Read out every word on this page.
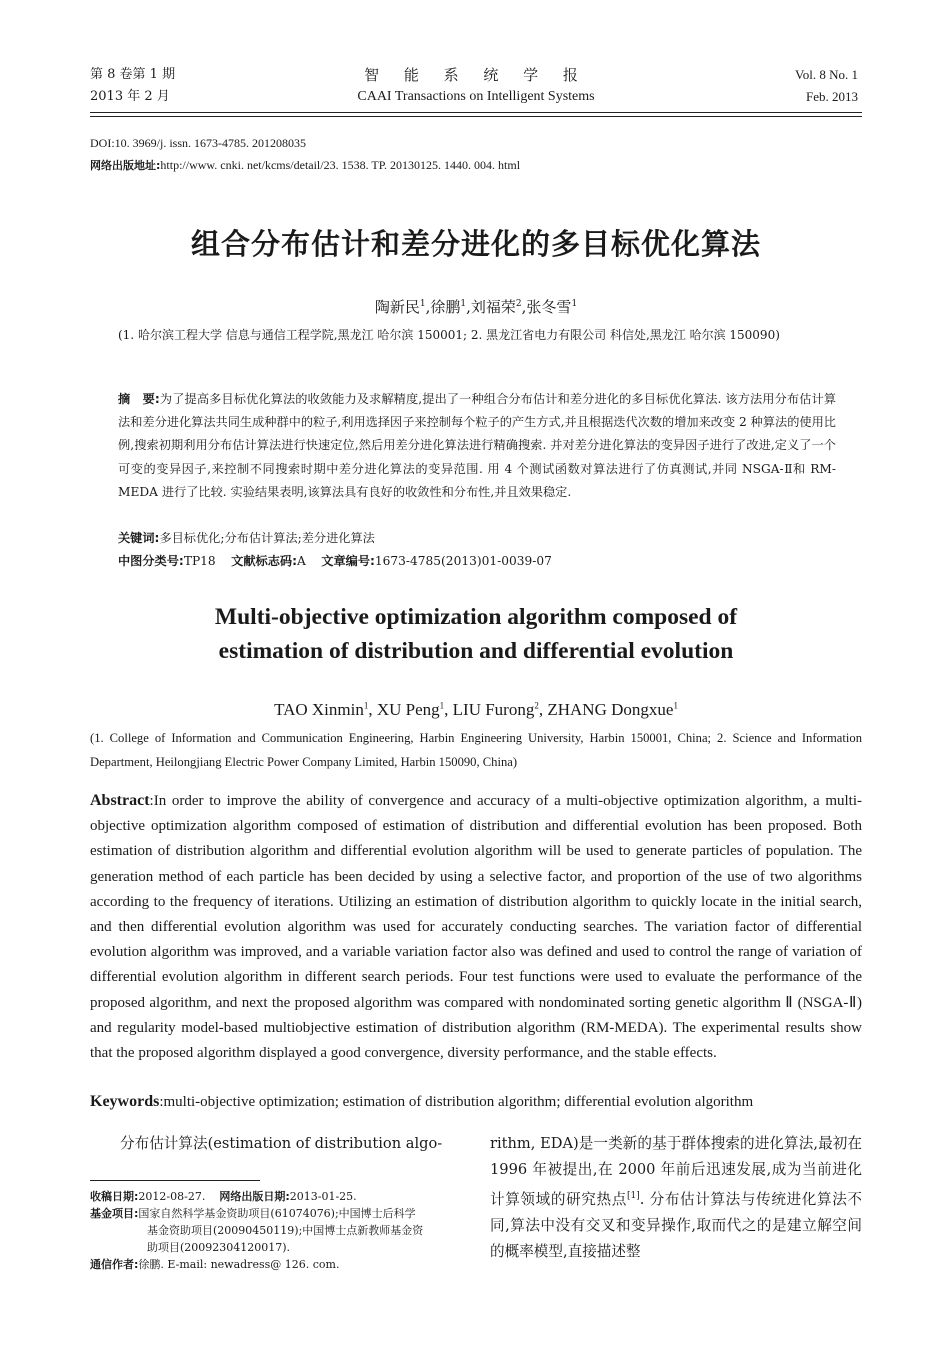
第 8 卷第 1 期
2013 年 2 月
智 能 系 统 学 报
CAAI Transactions on Intelligent Systems
Vol. 8 No. 1
Feb. 2013
DOI:10. 3969/j. issn. 1673-4785. 201208035
网络出版地址:http://www. cnki. net/kcms/detail/23. 1538. TP. 20130125. 1440. 004. html
组合分布估计和差分进化的多目标优化算法
陶新民$^1$,徐鹏$^1$,刘福荣$^2$,张冬雪$^1$
(1. 哈尔滨工程大学 信息与通信工程学院,黑龙江 哈尔滨 150001; 2. 黑龙江省电力有限公司 科信处,黑龙江 哈尔滨 150090)
摘　要:为了提高多目标优化算法的收敛能力及求解精度,提出了一种组合分布估计和差分进化的多目标优化算法. 该方法用分布估计算法和差分进化算法共同生成种群中的粒子,利用选择因子来控制每个粒子的产生方式,并且根据迭代次数的增加来改变 2 种算法的使用比例,搜索初期利用分布估计算法进行快速定位,然后用差分进化算法进行精确搜索. 并对差分进化算法的变异因子进行了改进,定义了一个可变的变异因子,来控制不同搜索时期中差分进化算法的变异范围. 用 4 个测试函数对算法进行了仿真测试,并同 NSGA-Ⅱ和 RM-MEDA 进行了比较. 实验结果表明,该算法具有良好的收敛性和分布性,并且效果稳定.
关键词:多目标优化;分布估计算法;差分进化算法
中图分类号:TP18 文献标志码:A 文章编号:1673-4785(2013)01-0039-07
Multi-objective optimization algorithm composed of
estimation of distribution and differential evolution
TAO Xinmin$^1$, XU Peng$^1$, LIU Furong$^2$, ZHANG Dongxue$^1$
(1. College of Information and Communication Engineering, Harbin Engineering University, Harbin 150001, China; 2. Science and Information Department, Heilongjiang Electric Power Company Limited, Harbin 150090, China)
Abstract:In order to improve the ability of convergence and accuracy of a multi-objective optimization algorithm, a multi-objective optimization algorithm composed of estimation of distribution and differential evolution has been proposed. Both estimation of distribution algorithm and differential evolution algorithm will be used to generate particles of population. The generation method of each particle has been decided by using a selective factor, and proportion of the use of two algorithms according to the frequency of iterations. Utilizing an estimation of distribution algorithm to quickly locate in the initial search, and then differential evolution algorithm was used for accurately conducting searches. The variation factor of differential evolution algorithm was improved, and a variable variation factor also was defined and used to control the range of variation of differential evolution algorithm in different search periods. Four test functions were used to evaluate the performance of the proposed algorithm, and next the proposed algorithm was compared with nondominated sorting genetic algorithm Ⅱ (NSGA-Ⅱ) and regularity model-based multiobjective estimation of distribution algorithm (RM-MEDA). The experimental results show that the proposed algorithm displayed a good convergence, diversity performance, and the stable effects.
Keywords:multi-objective optimization; estimation of distribution algorithm; differential evolution algorithm
分布估计算法(estimation of distribution algo-
收稿日期:2012-08-27. 网络出版日期:2013-01-25.
基金项目:国家自然科学基金资助项目(61074076);中国博士后科学
基金资助项目(20090450119);中国博士点新教师基金资
助项目(20092304120017).
通信作者:徐鹏. E-mail: newadress@ 126. com.
rithm, EDA)是一类新的基于群体搜索的进化算法,最初在 1996 年被提出,在 2000 年前后迅速发展,成为当前进化计算领域的研究热点[1]. 分布估计算法与传统进化算法不同,算法中没有交叉和变异操作,取而代之的是建立解空间的概率模型,直接描述整
